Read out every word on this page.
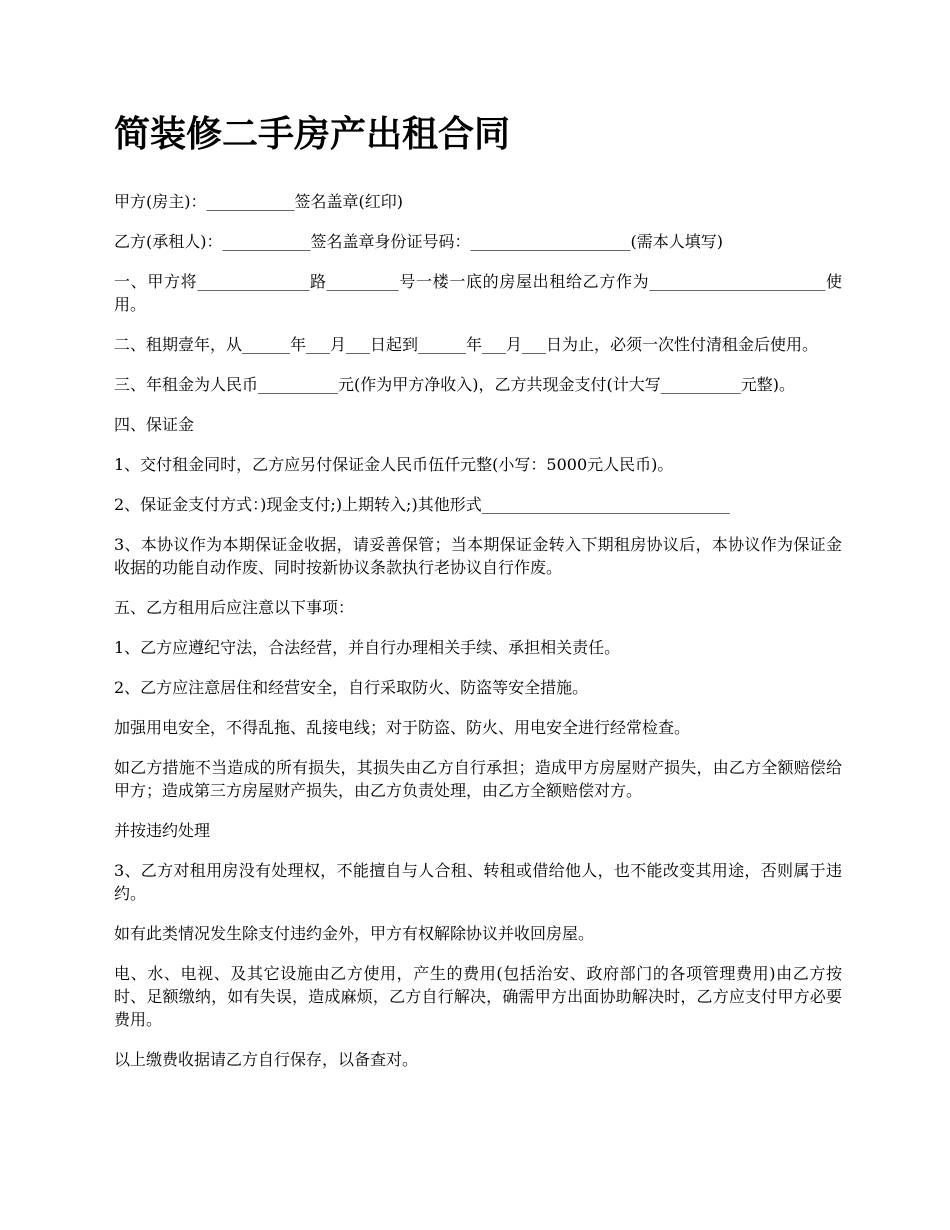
简装修二手房产出租合同

甲方(房主)：___________签名盖章(红印)

乙方(承租人)：___________签名盖章身份证号码：____________________(需本人填写)

一、甲方将______________路_________号一楼一底的房屋出租给乙方作为______________________使用。

二、租期壹年，从______年___月___日起到______年___月___日为止，必须一次性付清租金后使用。

三、年租金为人民币__________元(作为甲方净收入)，乙方共现金支付(计大写__________元整)。

四、保证金

1、交付租金同时，乙方应另付保证金人民币伍仟元整(小写：5000元人民币)。

2、保证金支付方式：)现金支付;)上期转入;)其他形式_______________________________

3、本协议作为本期保证金收据，请妥善保管；当本期保证金转入下期租房协议后，本协议作为保证金收据的功能自动作废、同时按新协议条款执行老协议自行作废。

五、乙方租用后应注意以下事项：

1、乙方应遵纪守法，合法经营，并自行办理相关手续、承担相关责任。

2、乙方应注意居住和经营安全，自行采取防火、防盗等安全措施。

加强用电安全，不得乱拖、乱接电线；对于防盗、防火、用电安全进行经常检查。

如乙方措施不当造成的所有损失，其损失由乙方自行承担；造成甲方房屋财产损失，由乙方全额赔偿给甲方；造成第三方房屋财产损失，由乙方负责处理，由乙方全额赔偿对方。

并按违约处理

3、乙方对租用房没有处理权，不能擅自与人合租、转租或借给他人，也不能改变其用途，否则属于违约。

如有此类情况发生除支付违约金外，甲方有权解除协议并收回房屋。

电、水、电视、及其它设施由乙方使用，产生的费用(包括治安、政府部门的各项管理费用)由乙方按时、足额缴纳，如有失误，造成麻烦，乙方自行解决，确需甲方出面协助解决时，乙方应支付甲方必要费用。

以上缴费收据请乙方自行保存，以备查对。
